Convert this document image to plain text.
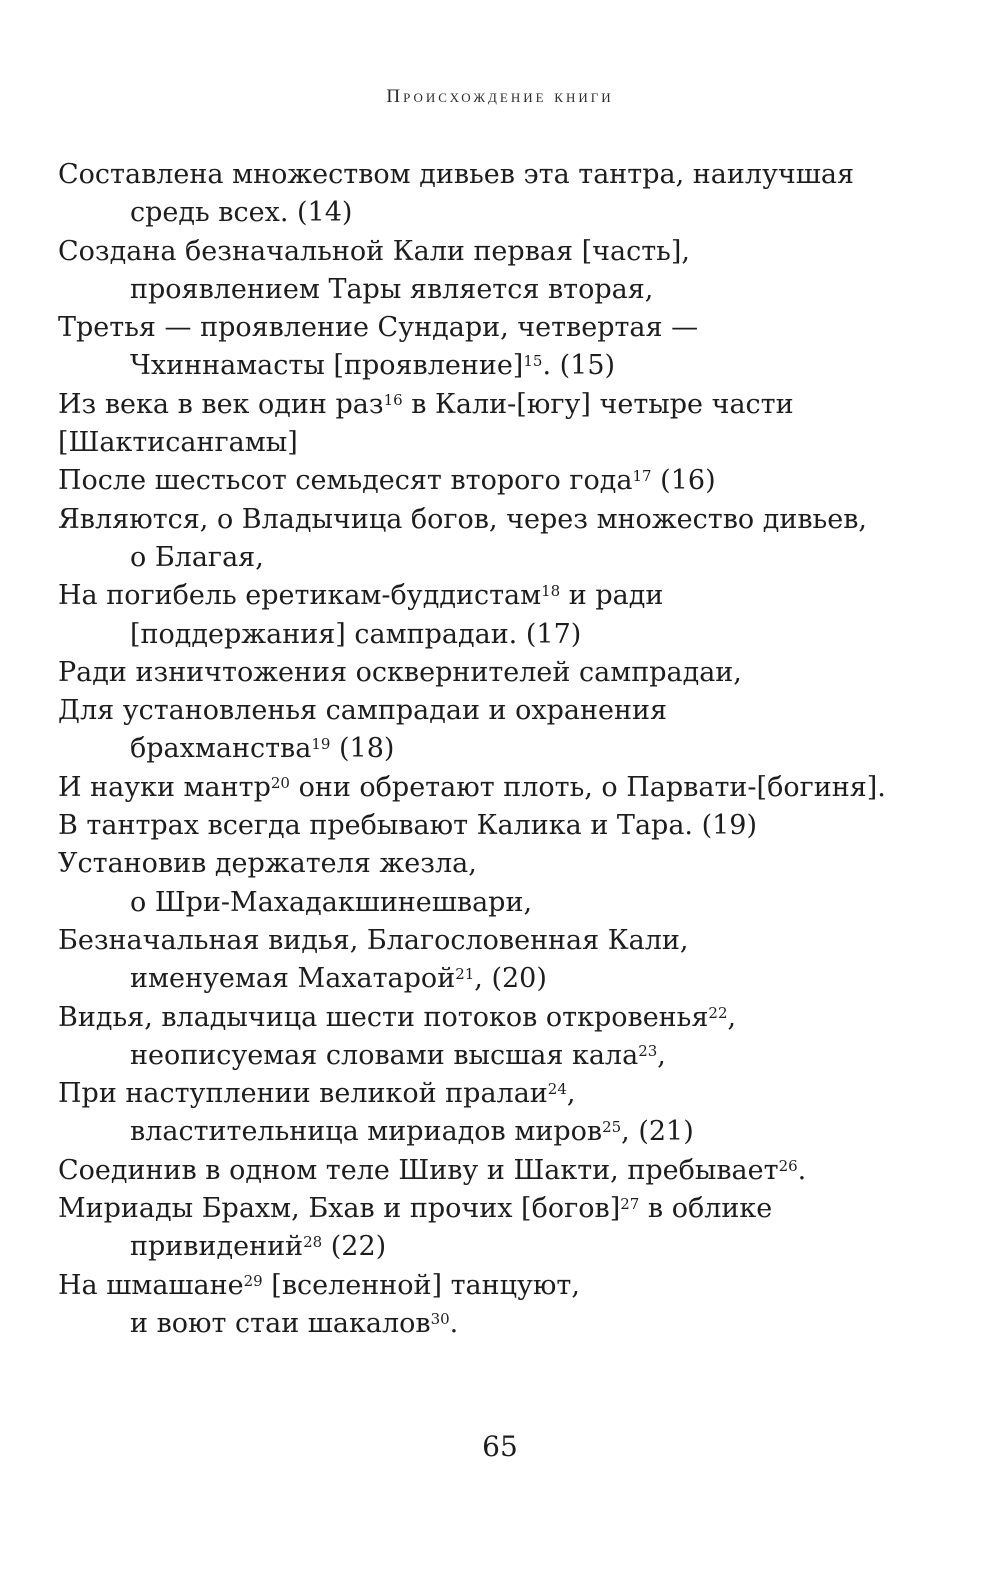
Происхождение книги
Составлена множеством дивьев эта тантра, наилучшая
средь всех. (14)
Создана безначальной Кали первая [часть],
проявлением Тары является вторая,
Третья — проявление Сундари, четвертая —
Чхиннамасты [проявление]$^{15}$. (15)
Из века в век один раз$^{16}$ в Кали-[югу] четыре части
[Шактисангамы]
После шестьсот семьдесят второго года$^{17}$ (16)
Являются, о Владычица богов, через множество дивьев,
о Благая,
На погибель еретикам-буддистам$^{18}$ и ради
[поддержания] сампрадаи. (17)
Ради изничтожения осквернителей сампрадаи,
Для установленья сампрадаи и охранения
брахманства$^{19}$ (18)
И науки мантр$^{20}$ они обретают плоть, о Парвати-[богиня].
В тантрах всегда пребывают Калика и Тара. (19)
Установив держателя жезла,
о Шри-Махадакшинешвари,
Безначальная видья, Благословенная Кали,
именуемая Махатарой$^{21}$, (20)
Видья, владычица шести потоков откровенья$^{22}$,
неописуемая словами высшая кала$^{23}$,
При наступлении великой пралаи$^{24}$,
властительница мириадов миров$^{25}$, (21)
Соединив в одном теле Шиву и Шакти, пребывает$^{26}$.
Мириады Брахм, Бхав и прочих [богов]$^{27}$ в облике
привидений$^{28}$ (22)
На шмашане$^{29}$ [вселенной] танцуют,
и воют стаи шакалов$^{30}$.
65
